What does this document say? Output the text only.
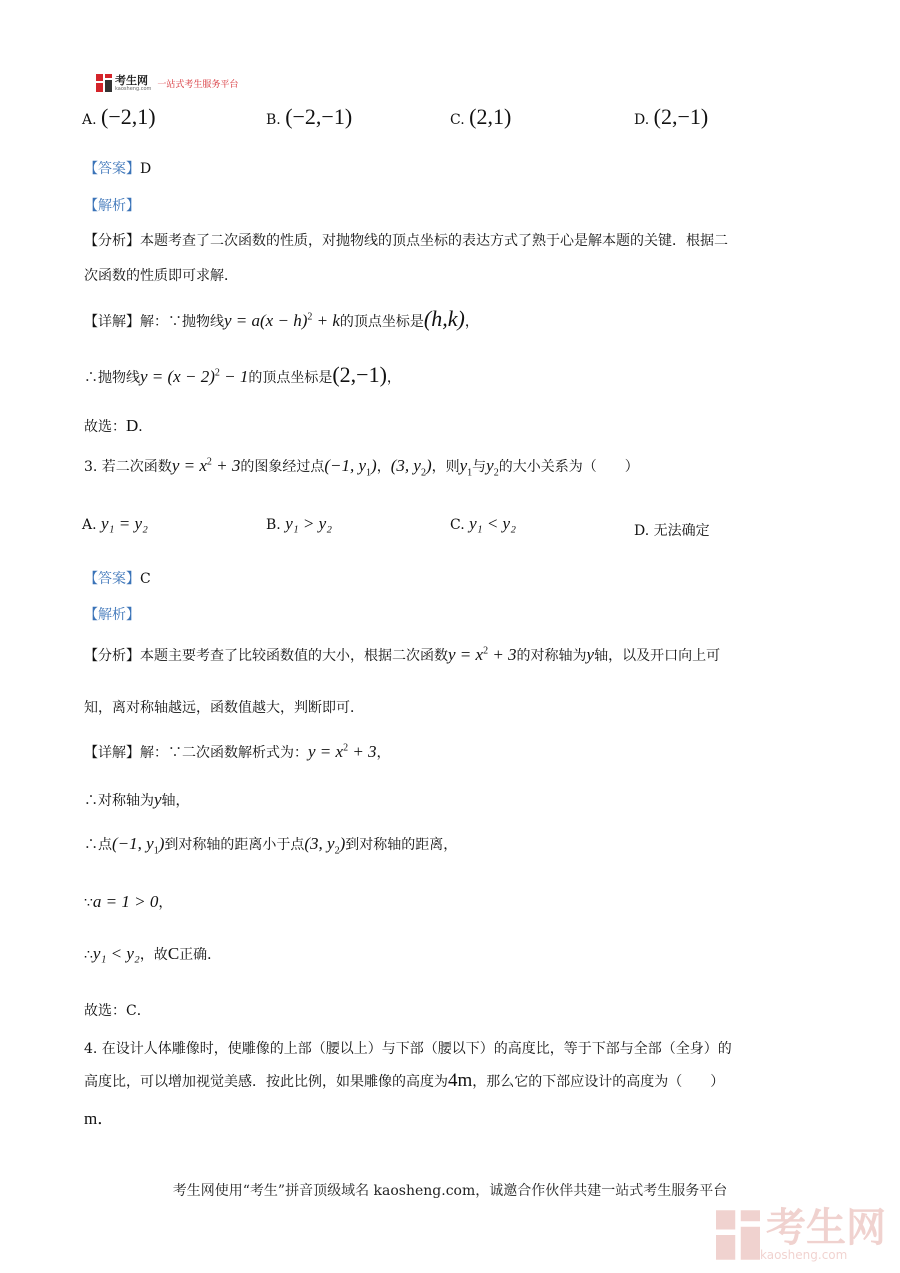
考生网
kaosheng.com 一站式考生服务平台
A. (−2,1)	B. (−2,−1)	C. (2,1)	D. (2,−1)
【答案】D
【解析】
【分析】本题考查了二次函数的性质，对抛物线的顶点坐标的表达方式了熟于心是解本题的关键．根据二
次函数的性质即可求解．
【详解】解：∵抛物线$y = a(x - h)^2 + k$的顶点坐标是(h,k)，
∴抛物线$y = (x - 2)^2 - 1$的顶点坐标是(2,−1)，
故选：D．
3. 若二次函数$y = x^2 + 3$的图象经过点(−1, $y_1$)，(3, $y_2$)，则$y_1$与$y_2$的大小关系为（　　）
A. y₁ = y₂	B. y₁ > y₂	C. y₁ < y₂	D. 无法确定
【答案】C
【解析】
【分析】本题主要考查了比较函数值的大小，根据二次函数$y = x^2 + 3$的对称轴为y轴，以及开口向上可
知，离对称轴越远，函数值越大，判断即可．
【详解】解：∵二次函数解析式为：$y = x^2 + 3$，
∴对称轴为y轴，
∴点(−1, $y_1$)到对称轴的距离小于点(3, $y_2$)到对称轴的距离，
∵a = 1 > 0，
∴y₁ < y₂，故C正确．
故选：C．
4. 在设计人体雕像时，使雕像的上部（腰以上）与下部（腰以下）的高度比，等于下部与全部（全身）的
高度比，可以增加视觉美感．按此比例，如果雕像的高度为4m，那么它的下部应设计的高度为（　　）
m．
考生网使用“考生”拼音顶级域名 kaosheng.com，诚邀合作伙伴共建一站式考生服务平台
考生网
kaosheng.com
